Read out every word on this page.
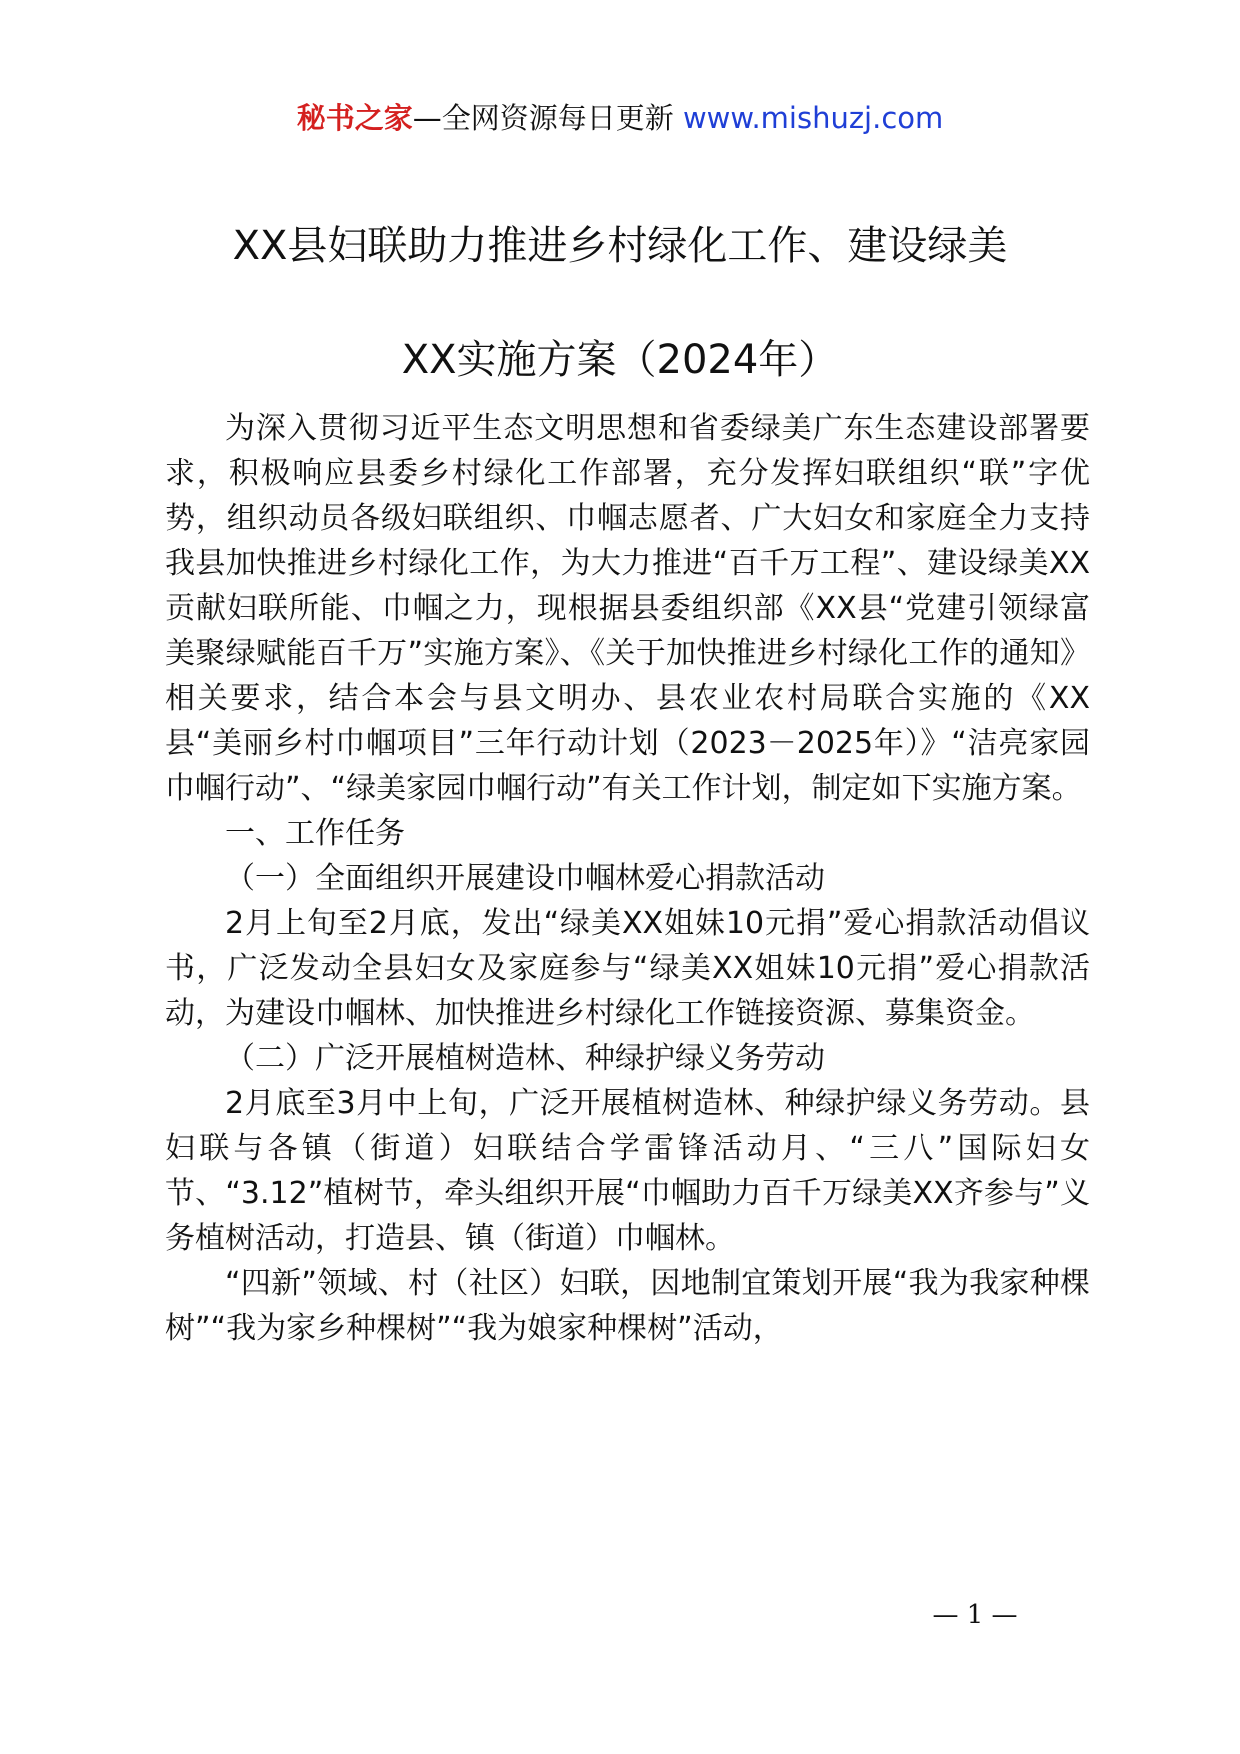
秘书之家—全网资源每日更新 www.mishuzj.com
XX县妇联助力推进乡村绿化工作、建设绿美
XX实施方案（2024年）

为深入贯彻习近平生态文明思想和省委绿美广东生态建设部署要求，积极响应县委乡村绿化工作部署，充分发挥妇联组织“联”字优势，组织动员各级妇联组织、巾帼志愿者、广大妇女和家庭全力支持我县加快推进乡村绿化工作，为大力推进“百千万工程”、建设绿美XX贡献妇联所能、巾帼之力，现根据县委组织部《XX县“党建引领绿富美聚绿赋能百千万”实施方案》、《关于加快推进乡村绿化工作的通知》相关要求，结合本会与县文明办、县农业农村局联合实施的《XX县“美丽乡村巾帼项目”三年行动计划（2023－2025年）》“洁亮家园巾帼行动”、“绿美家园巾帼行动”有关工作计划，制定如下实施方案。

一、工作任务

（一）全面组织开展建设巾帼林爱心捐款活动

2月上旬至2月底，发出“绿美XX姐妹10元捐”爱心捐款活动倡议书，广泛发动全县妇女及家庭参与“绿美XX姐妹10元捐”爱心捐款活动，为建设巾帼林、加快推进乡村绿化工作链接资源、募集资金。

（二）广泛开展植树造林、种绿护绿义务劳动

2月底至3月中上旬，广泛开展植树造林、种绿护绿义务劳动。县妇联与各镇（街道）妇联结合学雷锋活动月、“三八”国际妇女节、“3.12”植树节，牵头组织开展“巾帼助力百千万绿美XX齐参与”义务植树活动，打造县、镇（街道）巾帼林。

“四新”领域、村（社区）妇联，因地制宜策划开展“我为我家种棵树”“我为家乡种棵树”“我为娘家种棵树”活动，

— 1 —
